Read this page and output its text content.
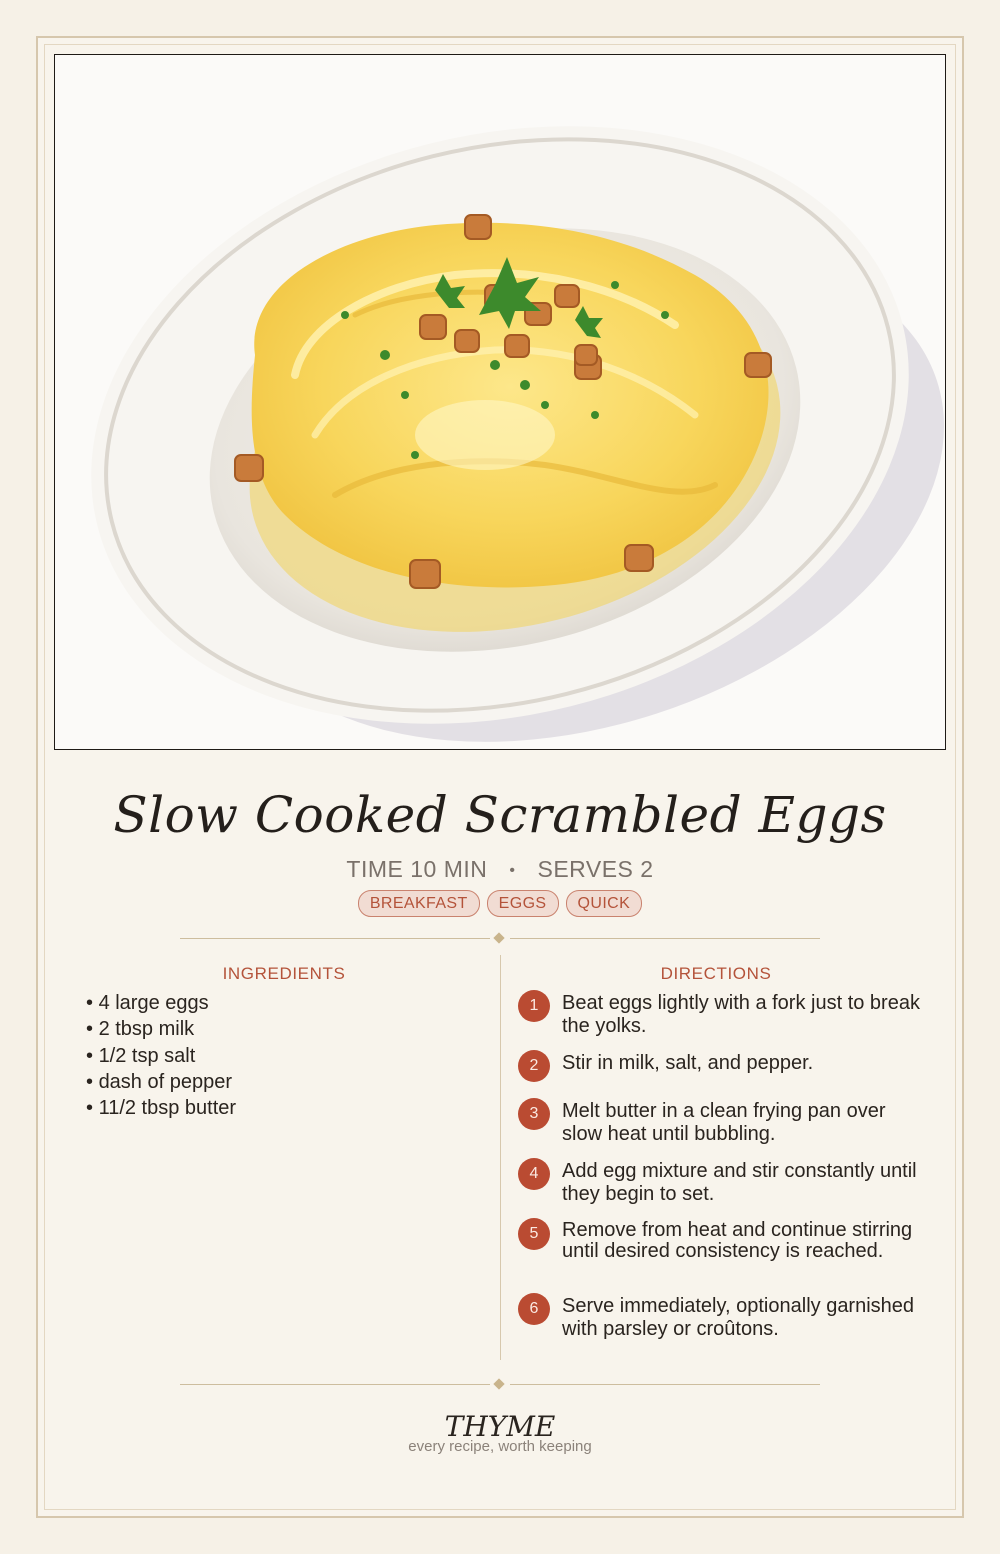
Slow Cooked Scrambled Eggs
TIME 10 MIN • SERVES 2
BREAKFAST	EGGS	QUICK
INGREDIENTS
• 4 large eggs
• 2 tbsp milk
• 1/2 tsp salt
• dash of pepper
• 11/2 tbsp butter
DIRECTIONS
1	Beat eggs lightly with a fork just to break the yolks.
2	Stir in milk, salt, and pepper.
3	Melt butter in a clean frying pan over slow heat until bubbling.
4	Add egg mixture and stir constantly until they begin to set.
5	Remove from heat and continue stirring until desired consistency is reached.
6	Serve immediately, optionally garnished with parsley or croûtons.
THYME
every recipe, worth keeping
